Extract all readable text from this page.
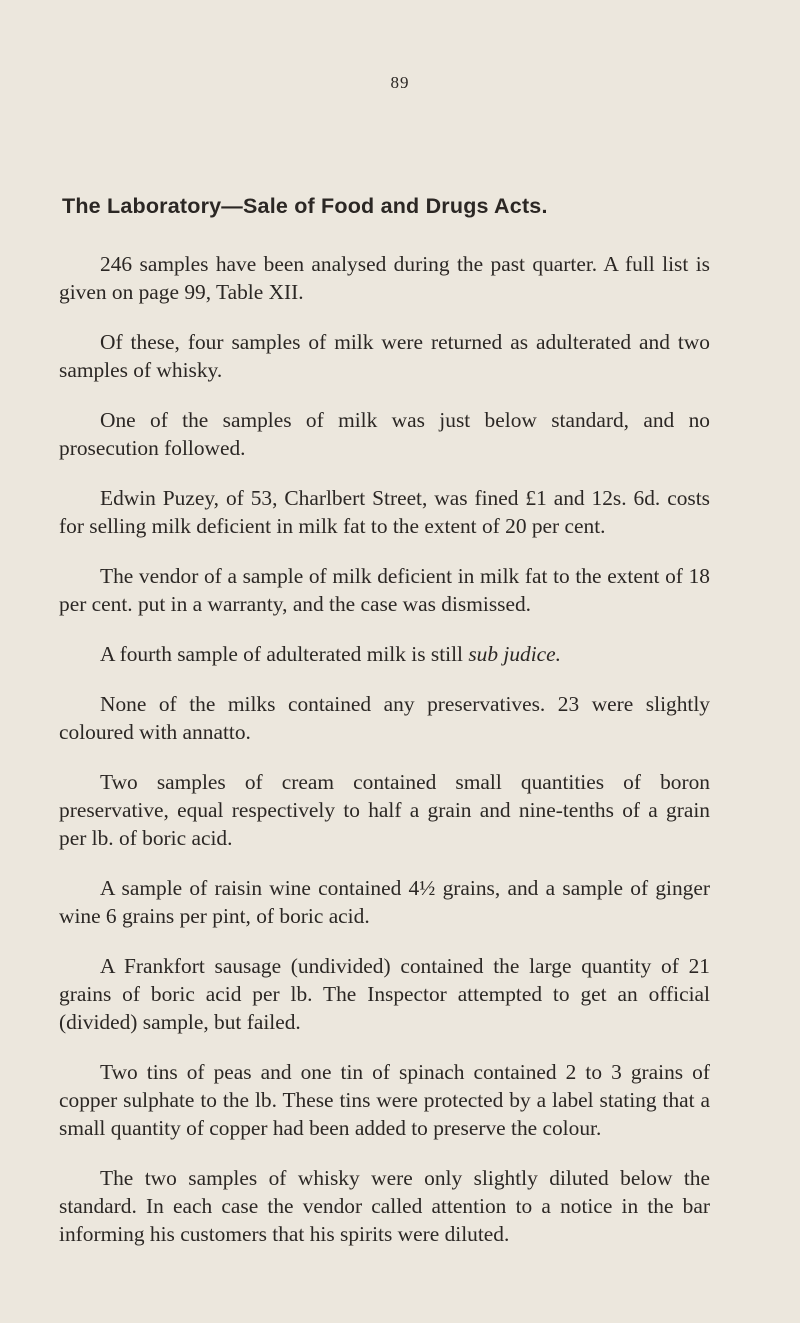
89
The Laboratory—Sale of Food and Drugs Acts.

246 samples have been analysed during the past quarter. A full list is given on page 99, Table XII.

Of these, four samples of milk were returned as adulterated and two samples of whisky.

One of the samples of milk was just below standard, and no prosecution followed.

Edwin Puzey, of 53, Charlbert Street, was fined £1 and 12s. 6d. costs for selling milk deficient in milk fat to the extent of 20 per cent.

The vendor of a sample of milk deficient in milk fat to the extent of 18 per cent. put in a warranty, and the case was dismissed.

A fourth sample of adulterated milk is still sub judice.

None of the milks contained any preservatives. 23 were slightly coloured with annatto.

Two samples of cream contained small quantities of boron preservative, equal respectively to half a grain and nine-tenths of a grain per lb. of boric acid.

A sample of raisin wine contained 4½ grains, and a sample of ginger wine 6 grains per pint, of boric acid.

A Frankfort sausage (undivided) contained the large quantity of 21 grains of boric acid per lb. The Inspector attempted to get an official (divided) sample, but failed.

Two tins of peas and one tin of spinach contained 2 to 3 grains of copper sulphate to the lb. These tins were protected by a label stating that a small quantity of copper had been added to preserve the colour.

The two samples of whisky were only slightly diluted below the standard. In each case the vendor called attention to a notice in the bar informing his customers that his spirits were diluted.
